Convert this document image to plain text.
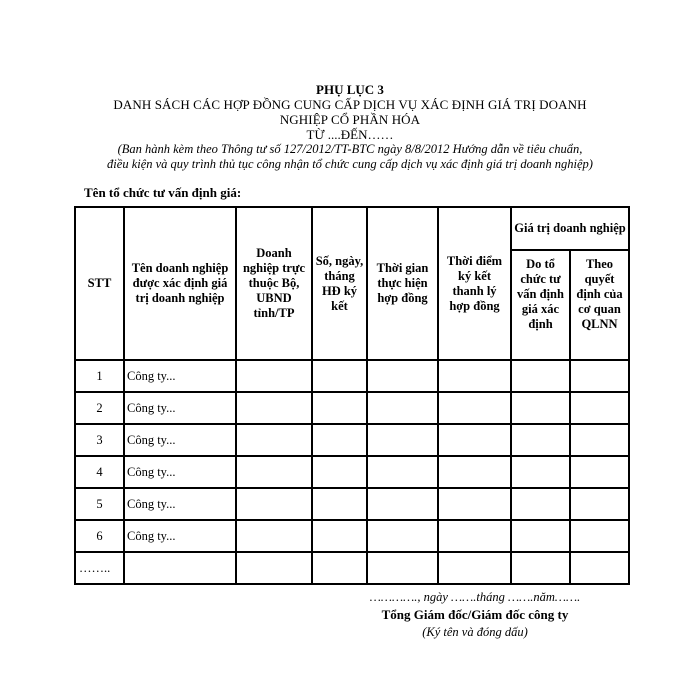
PHỤ LỤC 3
DANH SÁCH CÁC HỢP ĐỒNG CUNG CẤP DỊCH VỤ XÁC ĐỊNH GIÁ TRỊ DOANH
NGHIỆP CỔ PHẦN HÓA
TỪ ....ĐẾN……
(Ban hành kèm theo Thông tư số 127/2012/TT-BTC ngày 8/8/2012 Hướng dẫn về tiêu chuẩn,
điều kiện và quy trình thủ tục công nhận tổ chức cung cấp dịch vụ xác định giá trị doanh nghiệp)
Tên tổ chức tư vấn định giá:
STT	Tên doanh nghiệp được xác định giá trị doanh nghiệp	Doanh nghiệp trực thuộc Bộ, UBND tỉnh/TP	Số, ngày, tháng HĐ ký kết	Thời gian thực hiện hợp đồng	Thời điểm ký kết thanh lý hợp đồng	Giá trị doanh nghiệp	
						Do tổ chức tư vấn định giá xác định	Theo quyết định của cơ quan QLNN
1	Công ty...						
2	Công ty...						
3	Công ty...						
4	Công ty...						
5	Công ty...						
6	Công ty...						
……..							
…………., ngày …….tháng …….năm…….
Tổng Giám đốc/Giám đốc công ty
(Ký tên và đóng dấu)
